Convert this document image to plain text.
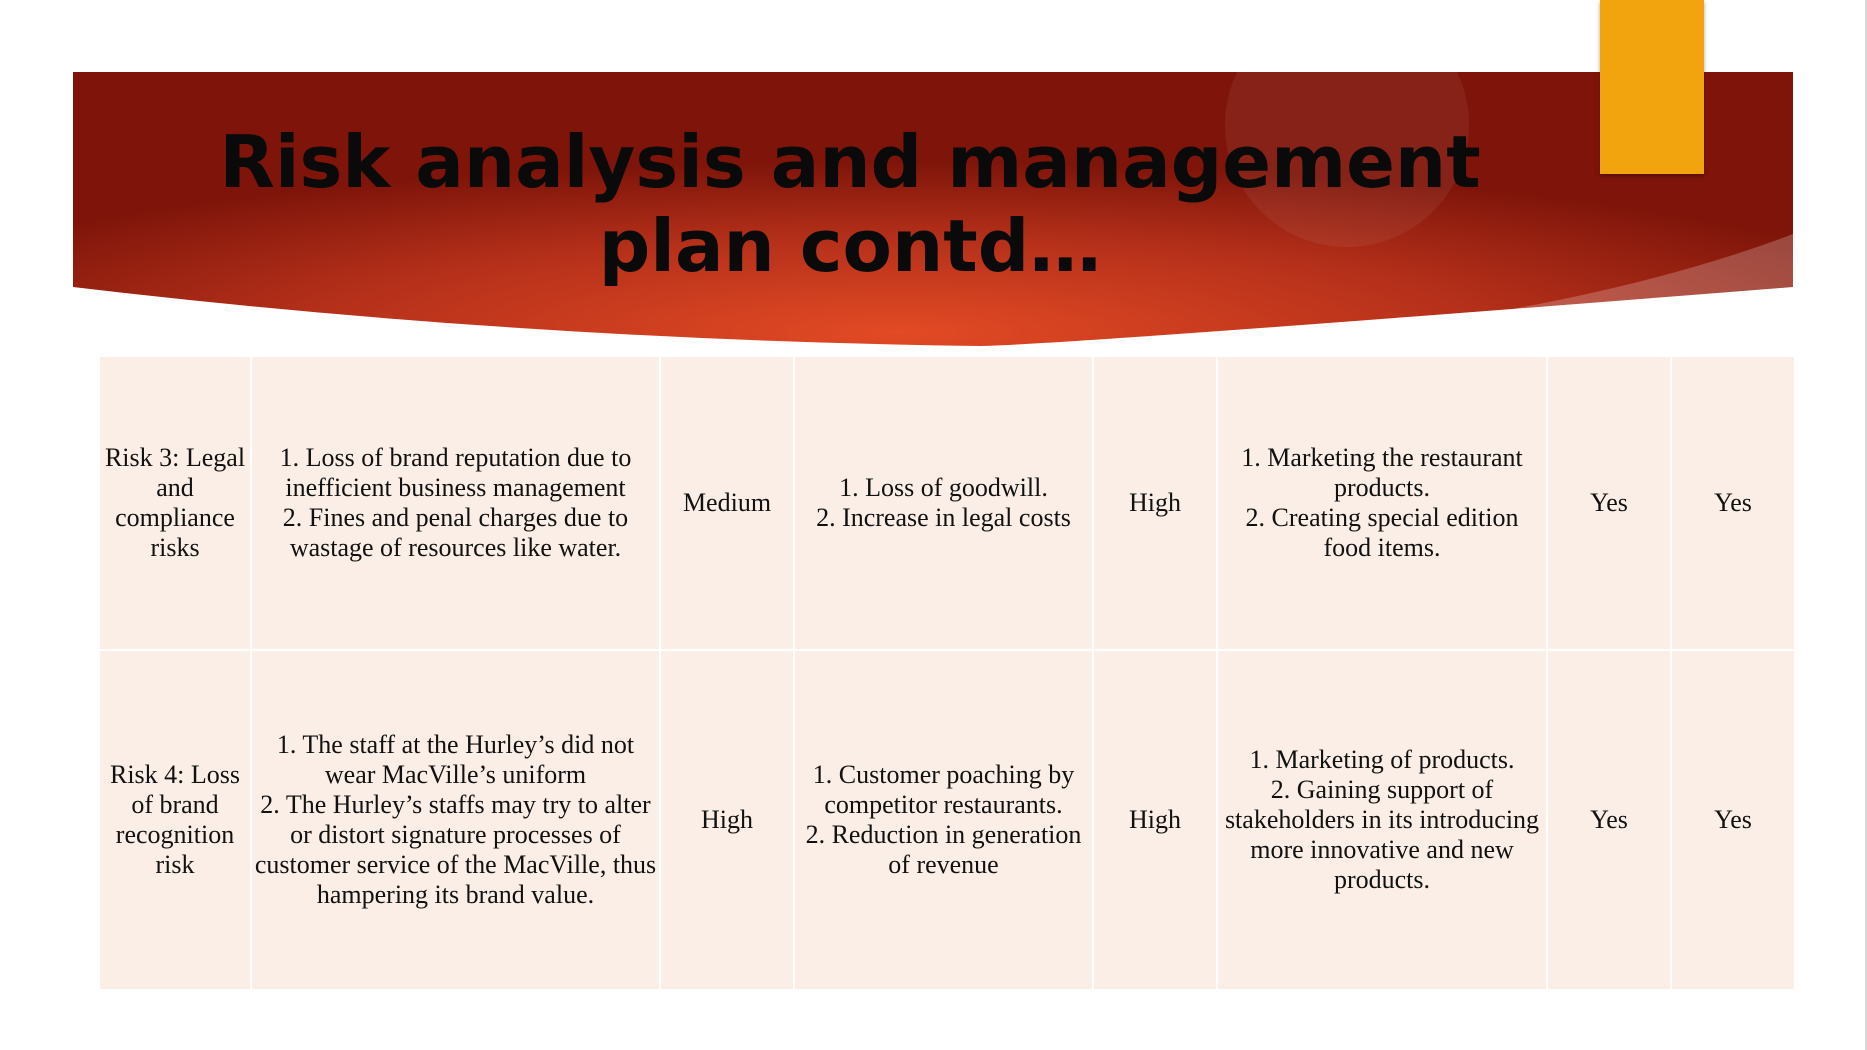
Risk analysis and management plan contd…
Risk 3: Legal and compliance risks	1. Loss of brand reputation due to inefficient business management
2. Fines and penal charges due to wastage of resources like water.	Medium	1. Loss of goodwill.
2. Increase in legal costs	High	1. Marketing the restaurant products.
2. Creating special edition food items.	Yes	Yes
Risk 4: Loss of brand recognition risk	1. The staff at the Hurley’s did not wear MacVille’s uniform
2. The Hurley’s staffs may try to alter or distort signature processes of customer service of the MacVille, thus hampering its brand value.	High	1. Customer poaching by competitor restaurants.
2. Reduction in generation of revenue	High	1. Marketing of products.
2. Gaining support of stakeholders in its introducing more innovative and new products.	Yes	Yes
